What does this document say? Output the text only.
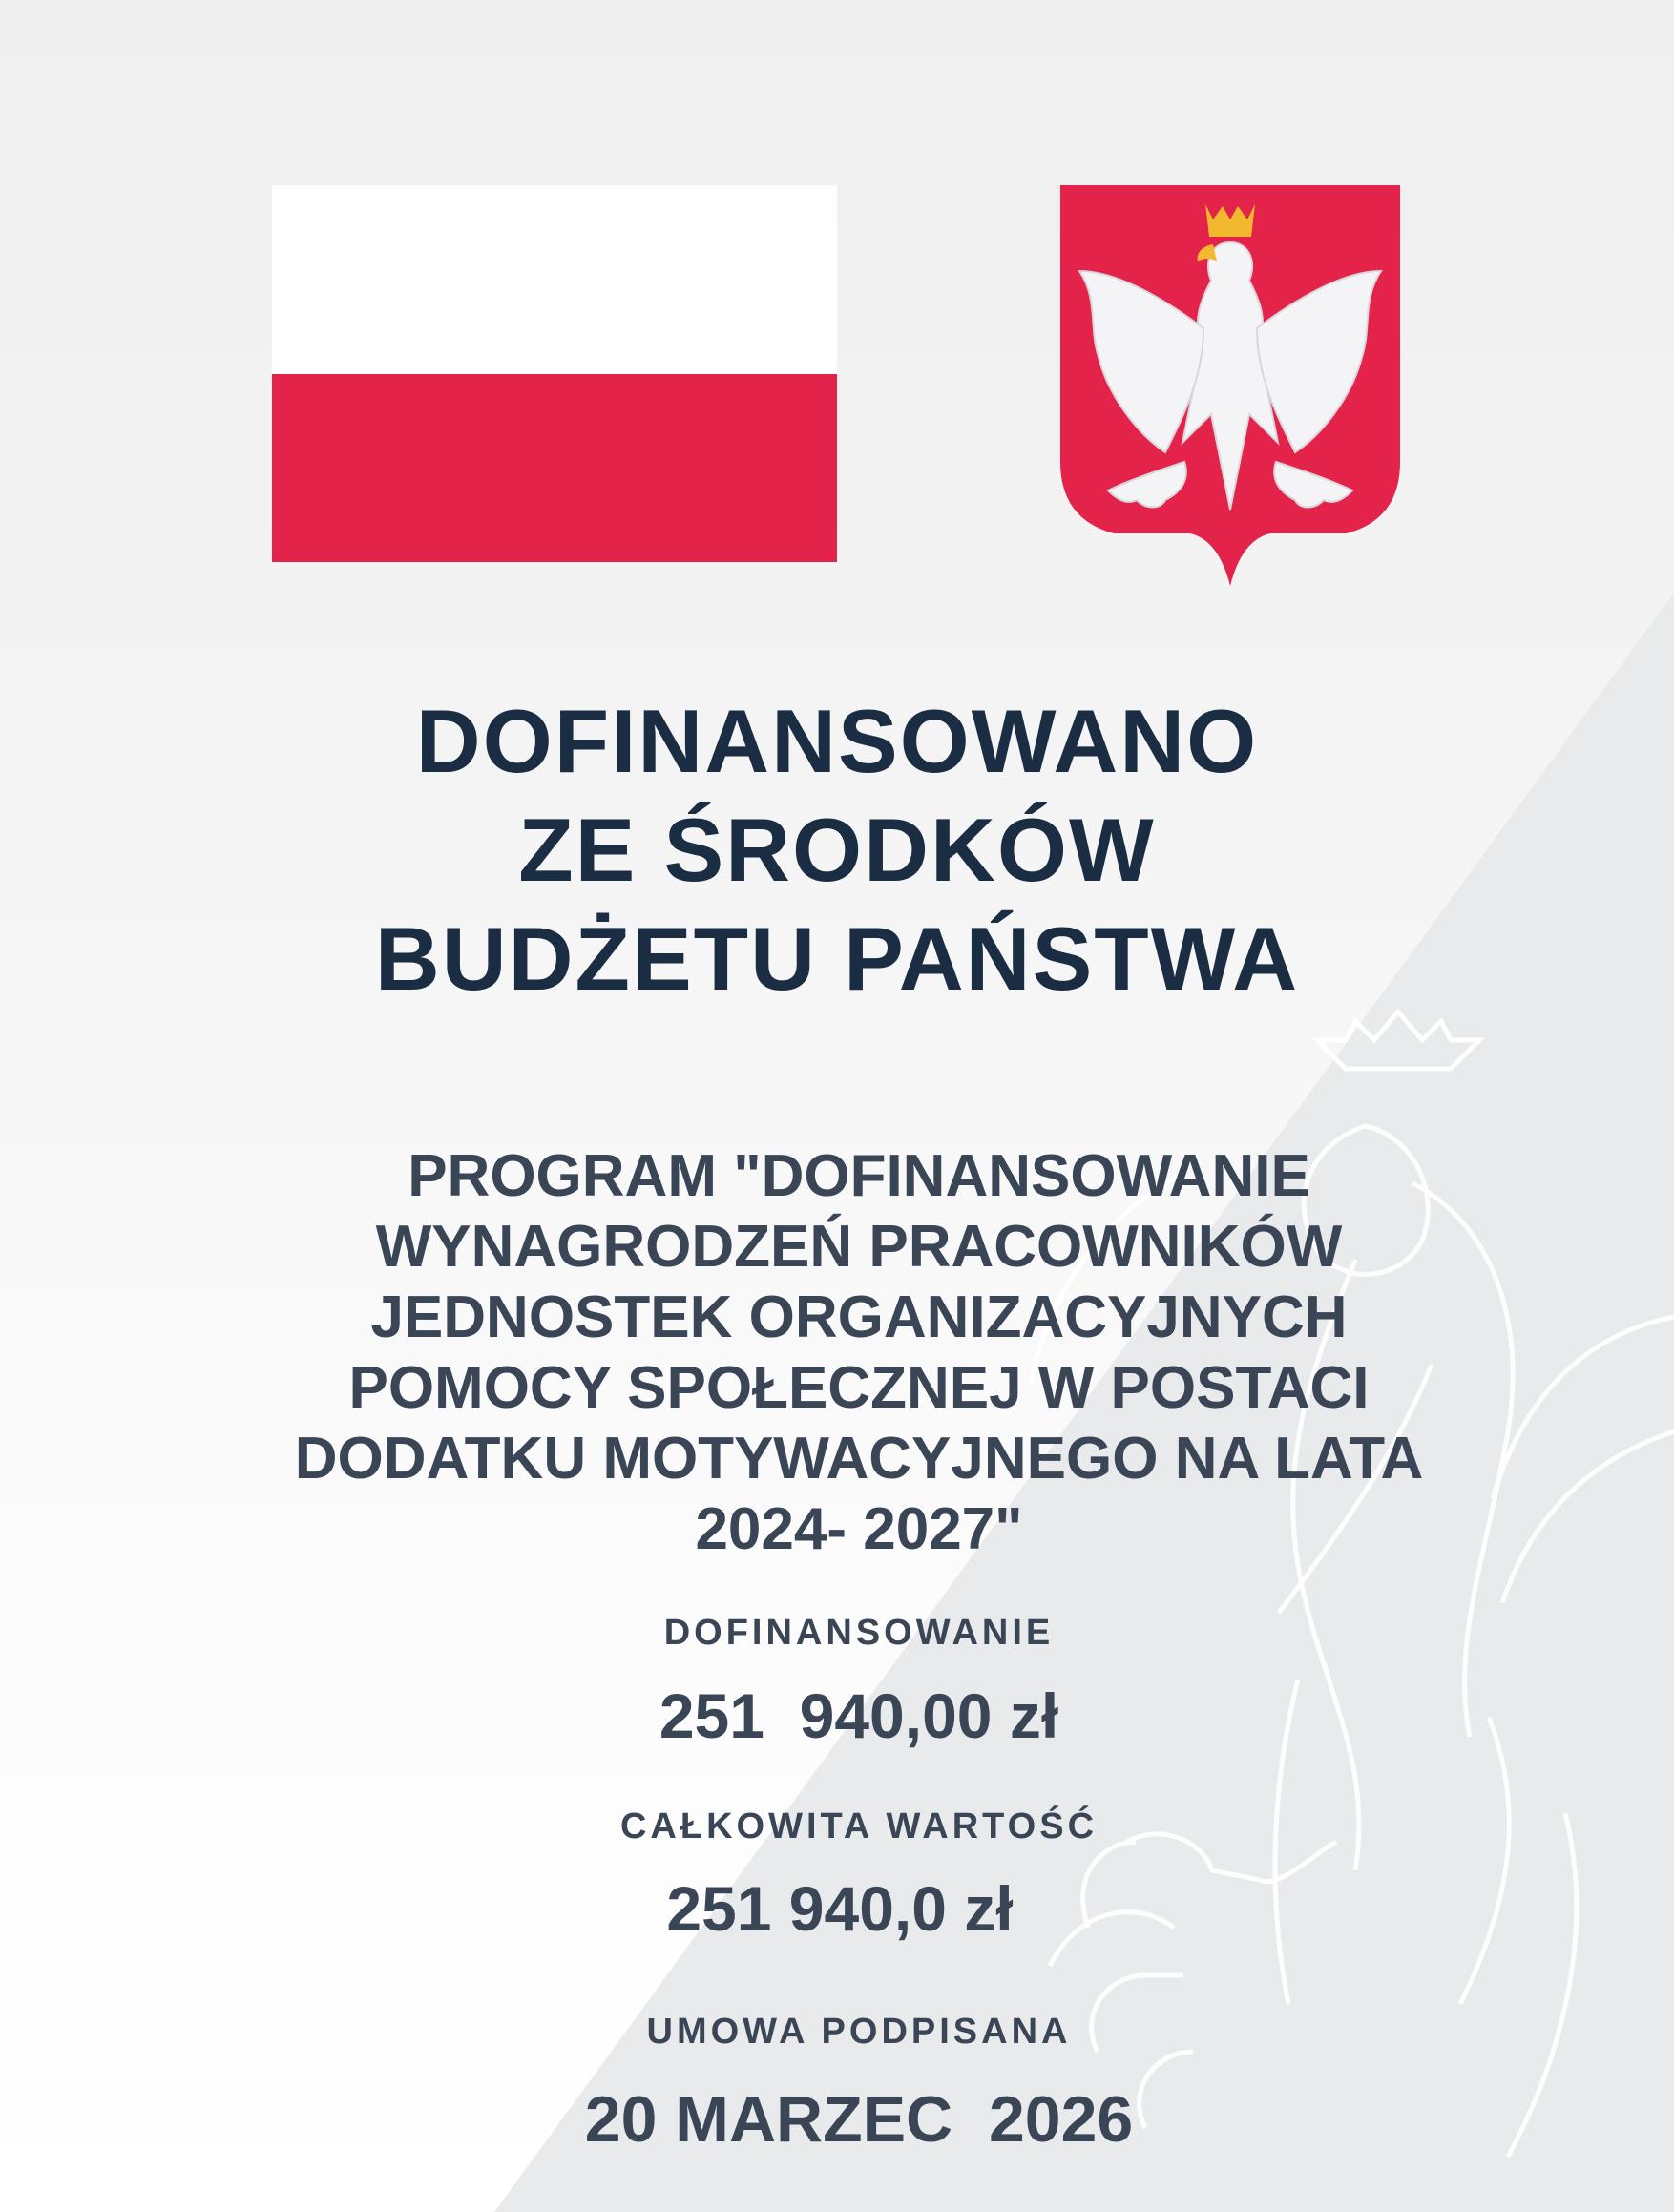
DOFINANSOWANO
ZE ŚRODKÓW
BUDŻETU PAŃSTWA
PROGRAM "DOFINANSOWANIE
WYNAGRODZEŃ PRACOWNIKÓW
JEDNOSTEK ORGANIZACYJNYCH
POMOCY SPOŁECZNEJ W POSTACI
DODATKU MOTYWACYJNEGO NA LATA
2024- 2027"
DOFINANSOWANIE
251  940,00 zł
CAŁKOWITA WARTOŚĆ
251 940,0 zł
UMOWA PODPISANA
20 MARZEC  2026
